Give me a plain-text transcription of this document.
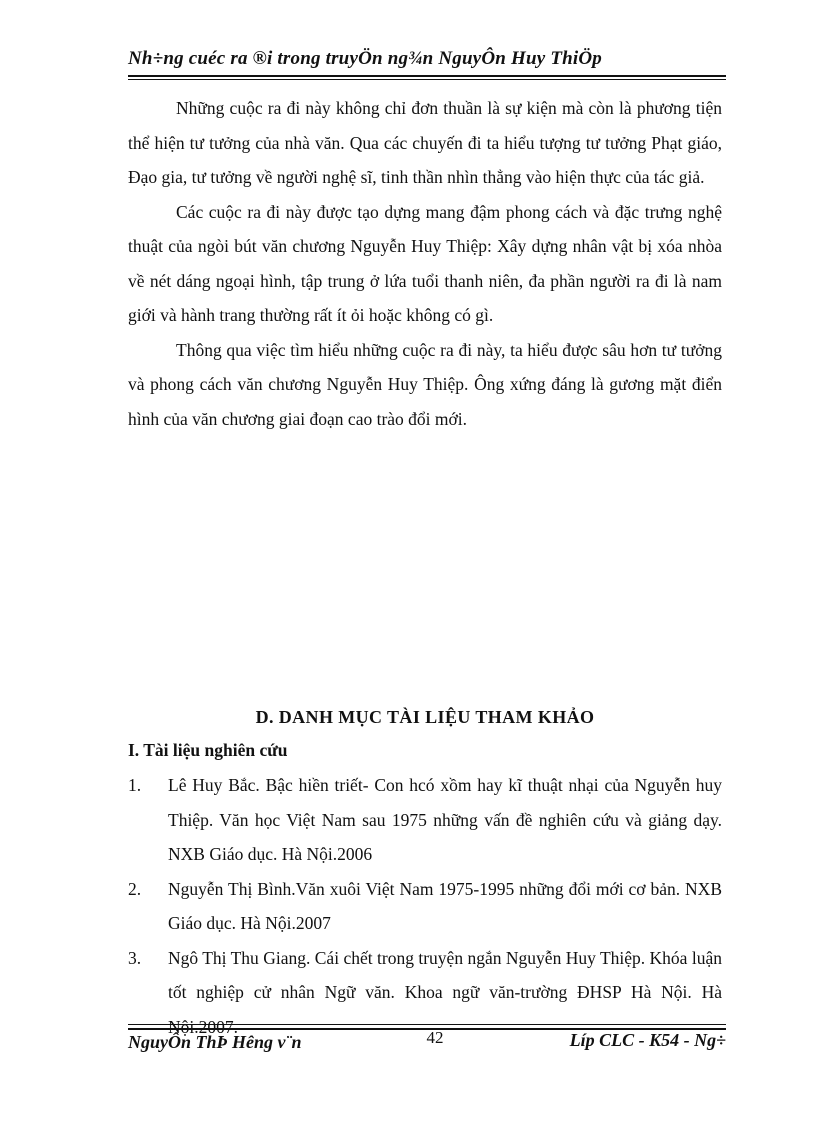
Nh÷ng cuéc ra ®i trong truyÖn ng¾n NguyÔn Huy ThiÖp

Những cuộc ra đi này không chỉ đơn thuần là sự kiện mà còn là phương tiện thể hiện tư tưởng của nhà văn. Qua các chuyến đi ta hiểu tượng tư tưởng Phạt giáo, Đạo gia, tư tưởng về người nghệ sĩ, tinh thần nhìn thẳng vào hiện thực của tác giả.

Các cuộc ra đi này được tạo dựng mang đậm phong cách và đặc trưng nghệ thuật của ngòi bút văn chương Nguyễn Huy Thiệp: Xây dựng nhân vật bị xóa nhòa về nét dáng ngoại hình, tập trung ở lứa tuổi thanh niên, đa phần người ra đi là nam giới và hành trang thường rất ít ỏi hoặc không có gì.

Thông qua việc tìm hiểu những cuộc ra đi này, ta hiểu được sâu hơn tư tưởng và phong cách văn chương Nguyễn Huy Thiệp. Ông xứng đáng là gương mặt điển hình của văn chương giai đoạn cao trào đổi mới.

D. DANH MỤC TÀI LIỆU THAM KHẢO
I. Tài liệu nghiên cứu
1.	Lê Huy Bắc. Bậc hiền triết- Con hcó xồm hay kĩ thuật nhại của Nguyễn huy Thiệp. Văn học Việt Nam sau 1975 những vấn đề nghiên cứu và giảng dạy. NXB Giáo dục. Hà Nội.2006
2.	Nguyễn Thị Bình.Văn xuôi Việt Nam 1975-1995 những đổi mới cơ bản. NXB Giáo dục. Hà Nội.2007
3.	Ngô Thị Thu Giang. Cái chết trong truyện ngắn Nguyễn Huy Thiệp. Khóa luận tốt nghiệp cử nhân Ngữ văn. Khoa ngữ văn-trường ĐHSP Hà Nội. Hà Nội.2007.
NguyÔn ThÞ Hêng v¨n	42	Líp CLC - K54 - Ng÷
